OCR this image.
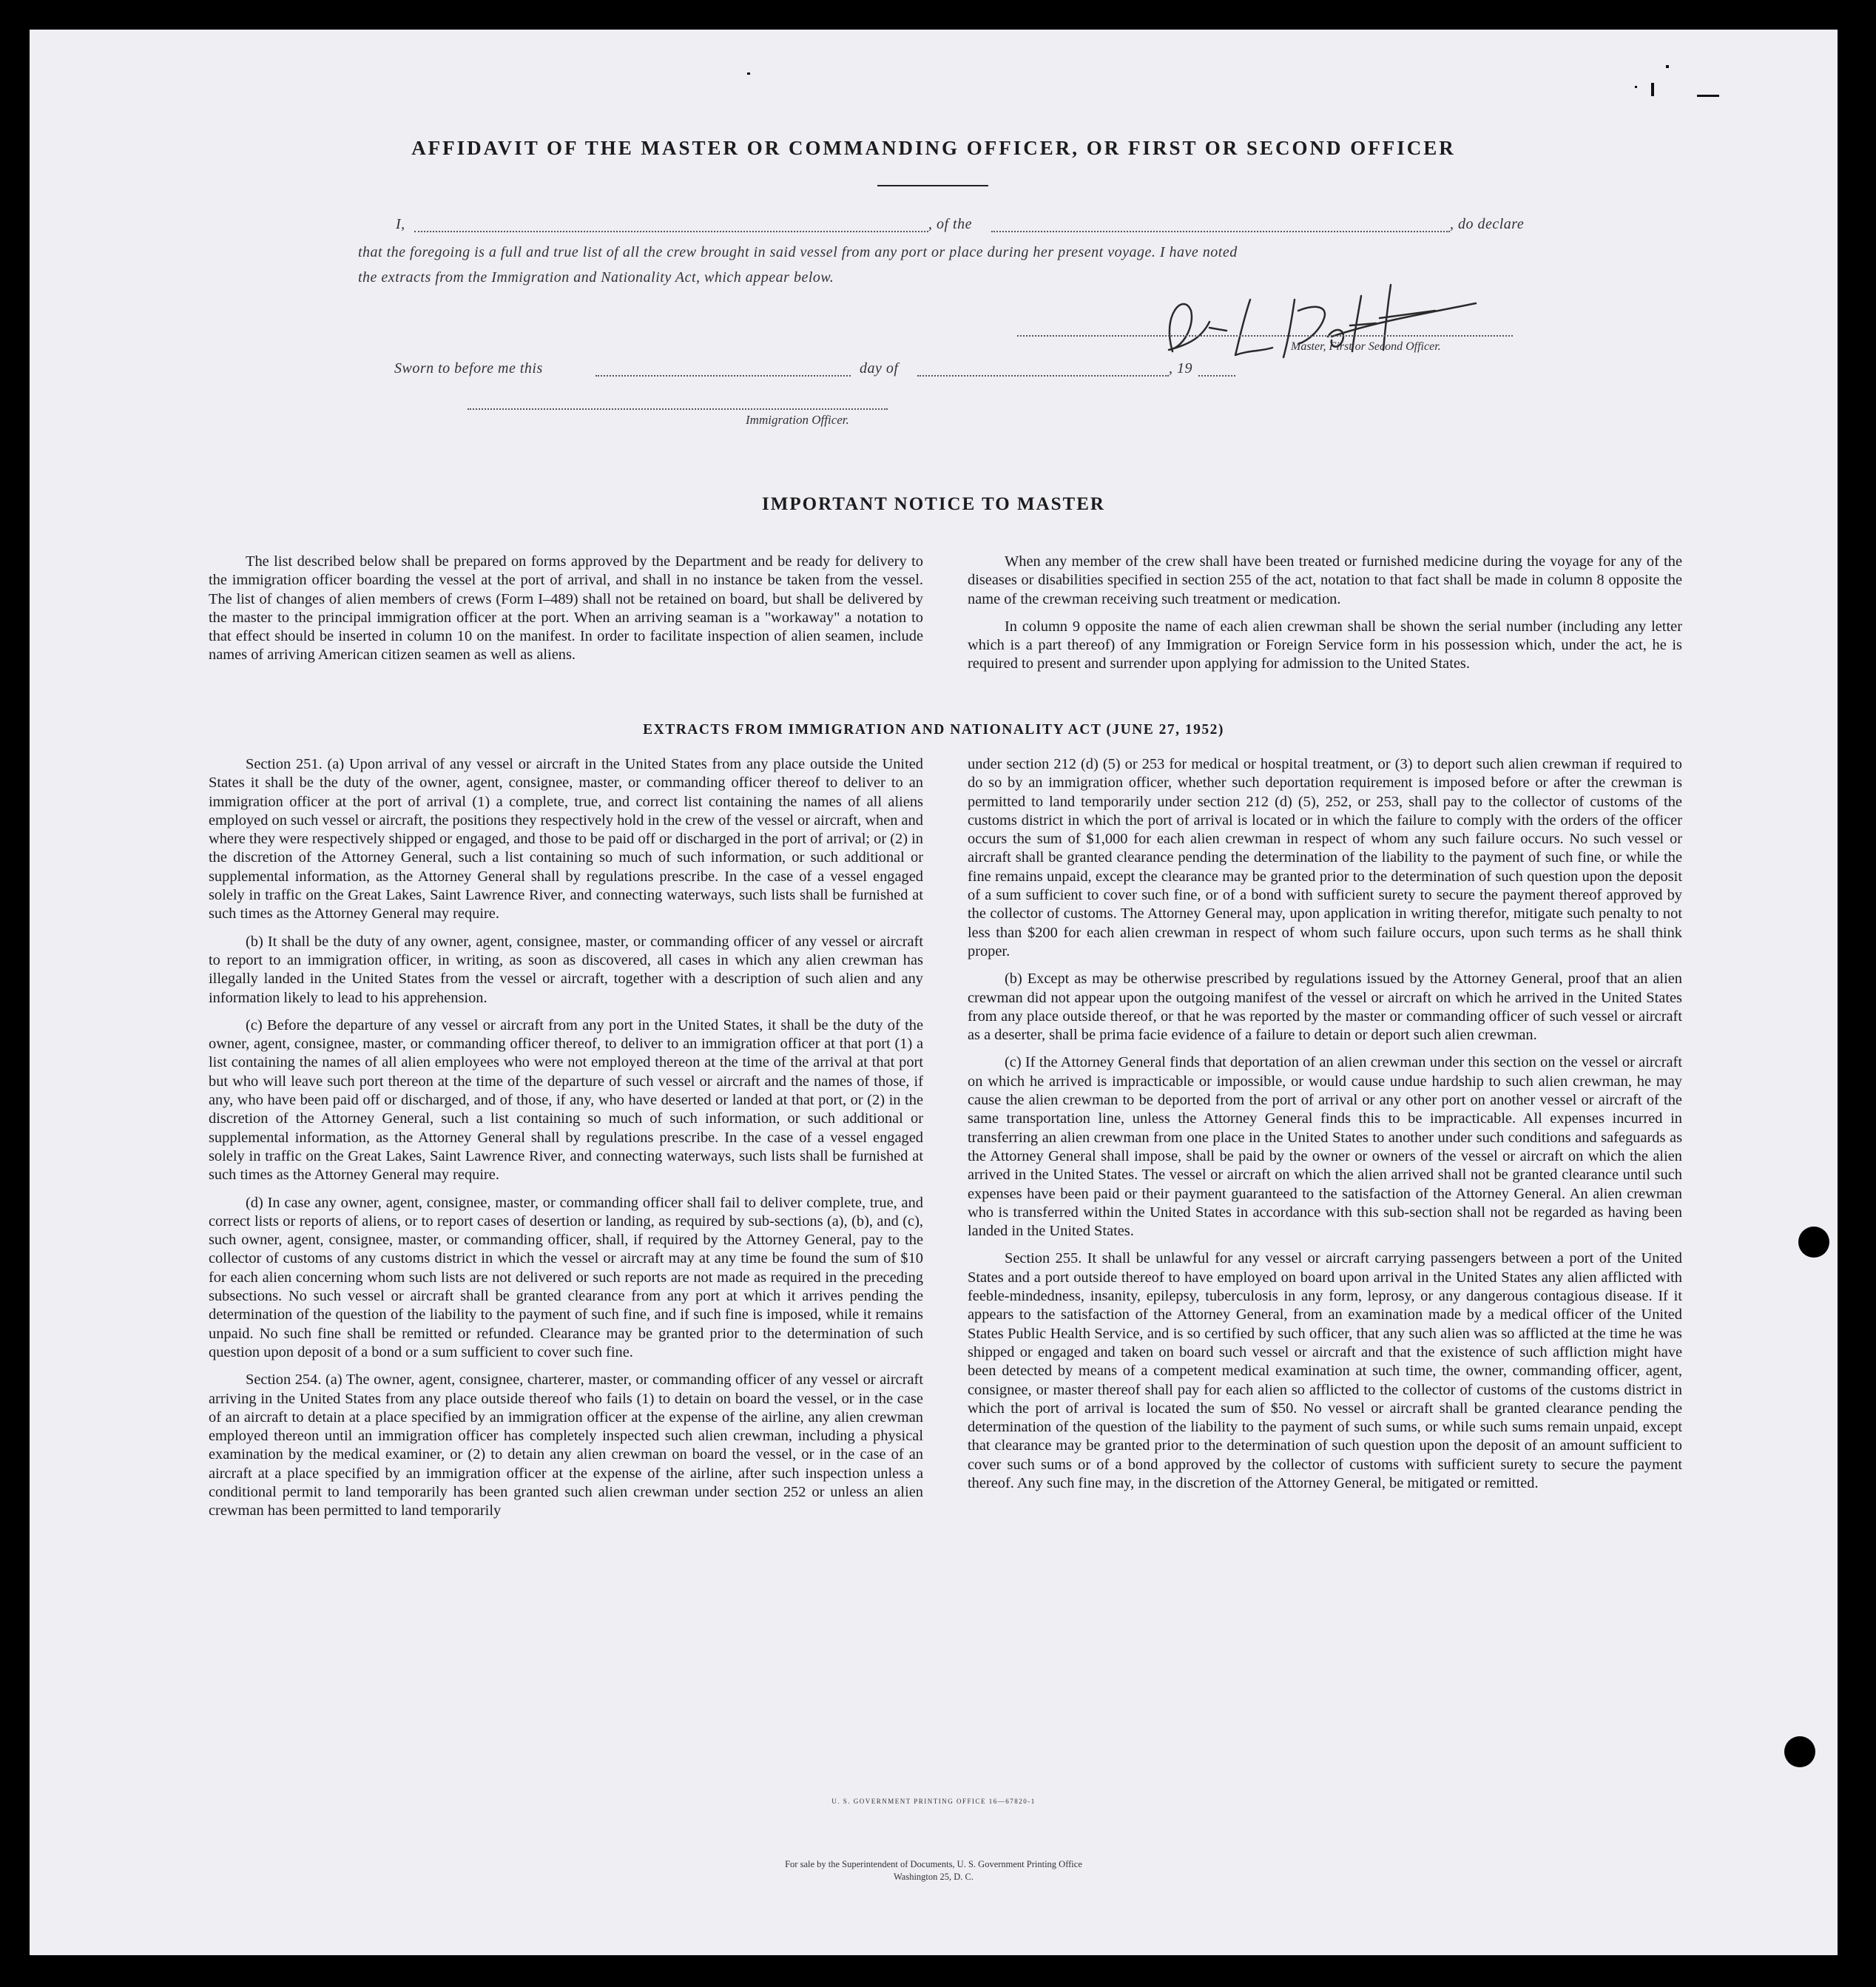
AFFIDAVIT OF THE MASTER OR COMMANDING OFFICER, OR FIRST OR SECOND OFFICER
I,	, of the	, do declare
that the foregoing is a full and true list of all the crew brought in said vessel from any port or place during her present voyage. I have noted
the extracts from the Immigration and Nationality Act, which appear below.
Master, First or Second Officer.
Sworn to before me this	day of	, 19
Immigration Officer.
IMPORTANT NOTICE TO MASTER

The list described below shall be prepared on forms approved by the Department and be ready for delivery to the immigration officer boarding the vessel at the port of arrival, and shall in no instance be taken from the vessel. The list of changes of alien members of crews (Form I–489) shall not be retained on board, but shall be delivered by the master to the principal immigration officer at the port. When an arriving seaman is a "workaway" a notation to that effect should be inserted in column 10 on the manifest. In order to facilitate inspection of alien seamen, include names of arriving American citizen seamen as well as aliens.

When any member of the crew shall have been treated or furnished medicine during the voyage for any of the diseases or disabilities specified in section 255 of the act, notation to that fact shall be made in column 8 opposite the name of the crewman receiving such treatment or medication.

In column 9 opposite the name of each alien crewman shall be shown the serial number (including any letter which is a part thereof) of any Immigration or Foreign Service form in his possession which, under the act, he is required to present and surrender upon applying for admission to the United States.

EXTRACTS FROM IMMIGRATION AND NATIONALITY ACT (JUNE 27, 1952)

Section 251. (a) Upon arrival of any vessel or aircraft in the United States from any place outside the United States it shall be the duty of the owner, agent, consignee, master, or commanding officer thereof to deliver to an immigration officer at the port of arrival (1) a complete, true, and correct list containing the names of all aliens employed on such vessel or aircraft, the positions they respectively hold in the crew of the vessel or aircraft, when and where they were respectively shipped or engaged, and those to be paid off or discharged in the port of arrival; or (2) in the discretion of the Attorney General, such a list containing so much of such information, or such additional or supplemental information, as the Attorney General shall by regulations prescribe. In the case of a vessel engaged solely in traffic on the Great Lakes, Saint Lawrence River, and connecting waterways, such lists shall be furnished at such times as the Attorney General may require.

(b) It shall be the duty of any owner, agent, consignee, master, or commanding officer of any vessel or aircraft to report to an immigration officer, in writing, as soon as discovered, all cases in which any alien crewman has illegally landed in the United States from the vessel or aircraft, together with a description of such alien and any information likely to lead to his apprehension.

(c) Before the departure of any vessel or aircraft from any port in the United States, it shall be the duty of the owner, agent, consignee, master, or commanding officer thereof, to deliver to an immigration officer at that port (1) a list containing the names of all alien employees who were not employed thereon at the time of the arrival at that port but who will leave such port thereon at the time of the departure of such vessel or aircraft and the names of those, if any, who have been paid off or discharged, and of those, if any, who have deserted or landed at that port, or (2) in the discretion of the Attorney General, such a list containing so much of such information, or such additional or supplemental information, as the Attorney General shall by regulations prescribe. In the case of a vessel engaged solely in traffic on the Great Lakes, Saint Lawrence River, and connecting waterways, such lists shall be furnished at such times as the Attorney General may require.

(d) In case any owner, agent, consignee, master, or commanding officer shall fail to deliver complete, true, and correct lists or reports of aliens, or to report cases of desertion or landing, as required by sub-sections (a), (b), and (c), such owner, agent, consignee, master, or commanding officer, shall, if required by the Attorney General, pay to the collector of customs of any customs district in which the vessel or aircraft may at any time be found the sum of $10 for each alien concerning whom such lists are not delivered or such reports are not made as required in the preceding subsections. No such vessel or aircraft shall be granted clearance from any port at which it arrives pending the determination of the question of the liability to the payment of such fine, and if such fine is imposed, while it remains unpaid. No such fine shall be remitted or refunded. Clearance may be granted prior to the determination of such question upon deposit of a bond or a sum sufficient to cover such fine.

Section 254. (a) The owner, agent, consignee, charterer, master, or commanding officer of any vessel or aircraft arriving in the United States from any place outside thereof who fails (1) to detain on board the vessel, or in the case of an aircraft to detain at a place specified by an immigration officer at the expense of the airline, any alien crewman employed thereon until an immigration officer has completely inspected such alien crewman, including a physical examination by the medical examiner, or (2) to detain any alien crewman on board the vessel, or in the case of an aircraft at a place specified by an immigration officer at the expense of the airline, after such inspection unless a conditional permit to land temporarily has been granted such alien crewman under section 252 or unless an alien crewman has been permitted to land temporarily

under section 212 (d) (5) or 253 for medical or hospital treatment, or (3) to deport such alien crewman if required to do so by an immigration officer, whether such deportation requirement is imposed before or after the crewman is permitted to land temporarily under section 212 (d) (5), 252, or 253, shall pay to the collector of customs of the customs district in which the port of arrival is located or in which the failure to comply with the orders of the officer occurs the sum of $1,000 for each alien crewman in respect of whom any such failure occurs. No such vessel or aircraft shall be granted clearance pending the determination of the liability to the payment of such fine, or while the fine remains unpaid, except the clearance may be granted prior to the determination of such question upon the deposit of a sum sufficient to cover such fine, or of a bond with sufficient surety to secure the payment thereof approved by the collector of customs. The Attorney General may, upon application in writing therefor, mitigate such penalty to not less than $200 for each alien crewman in respect of whom such failure occurs, upon such terms as he shall think proper.

(b) Except as may be otherwise prescribed by regulations issued by the Attorney General, proof that an alien crewman did not appear upon the outgoing manifest of the vessel or aircraft on which he arrived in the United States from any place outside thereof, or that he was reported by the master or commanding officer of such vessel or aircraft as a deserter, shall be prima facie evidence of a failure to detain or deport such alien crewman.

(c) If the Attorney General finds that deportation of an alien crewman under this section on the vessel or aircraft on which he arrived is impracticable or impossible, or would cause undue hardship to such alien crewman, he may cause the alien crewman to be deported from the port of arrival or any other port on another vessel or aircraft of the same transportation line, unless the Attorney General finds this to be impracticable. All expenses incurred in transferring an alien crewman from one place in the United States to another under such conditions and safeguards as the Attorney General shall impose, shall be paid by the owner or owners of the vessel or aircraft on which the alien arrived in the United States. The vessel or aircraft on which the alien arrived shall not be granted clearance until such expenses have been paid or their payment guaranteed to the satisfaction of the Attorney General. An alien crewman who is transferred within the United States in accordance with this sub-section shall not be regarded as having been landed in the United States.

Section 255. It shall be unlawful for any vessel or aircraft carrying passengers between a port of the United States and a port outside thereof to have employed on board upon arrival in the United States any alien afflicted with feeble-mindedness, insanity, epilepsy, tuberculosis in any form, leprosy, or any dangerous contagious disease. If it appears to the satisfaction of the Attorney General, from an examination made by a medical officer of the United States Public Health Service, and is so certified by such officer, that any such alien was so afflicted at the time he was shipped or engaged and taken on board such vessel or aircraft and that the existence of such affliction might have been detected by means of a competent medical examination at such time, the owner, commanding officer, agent, consignee, or master thereof shall pay for each alien so afflicted to the collector of customs of the customs district in which the port of arrival is located the sum of $50. No vessel or aircraft shall be granted clearance pending the determination of the question of the liability to the payment of such sums, or while such sums remain unpaid, except that clearance may be granted prior to the determination of such question upon the deposit of an amount sufficient to cover such sums or of a bond approved by the collector of customs with sufficient surety to secure the payment thereof. Any such fine may, in the discretion of the Attorney General, be mitigated or remitted.

U. S. GOVERNMENT PRINTING OFFICE 16—67820-1
For sale by the Superintendent of Documents, U. S. Government Printing Office
Washington 25, D. C.
